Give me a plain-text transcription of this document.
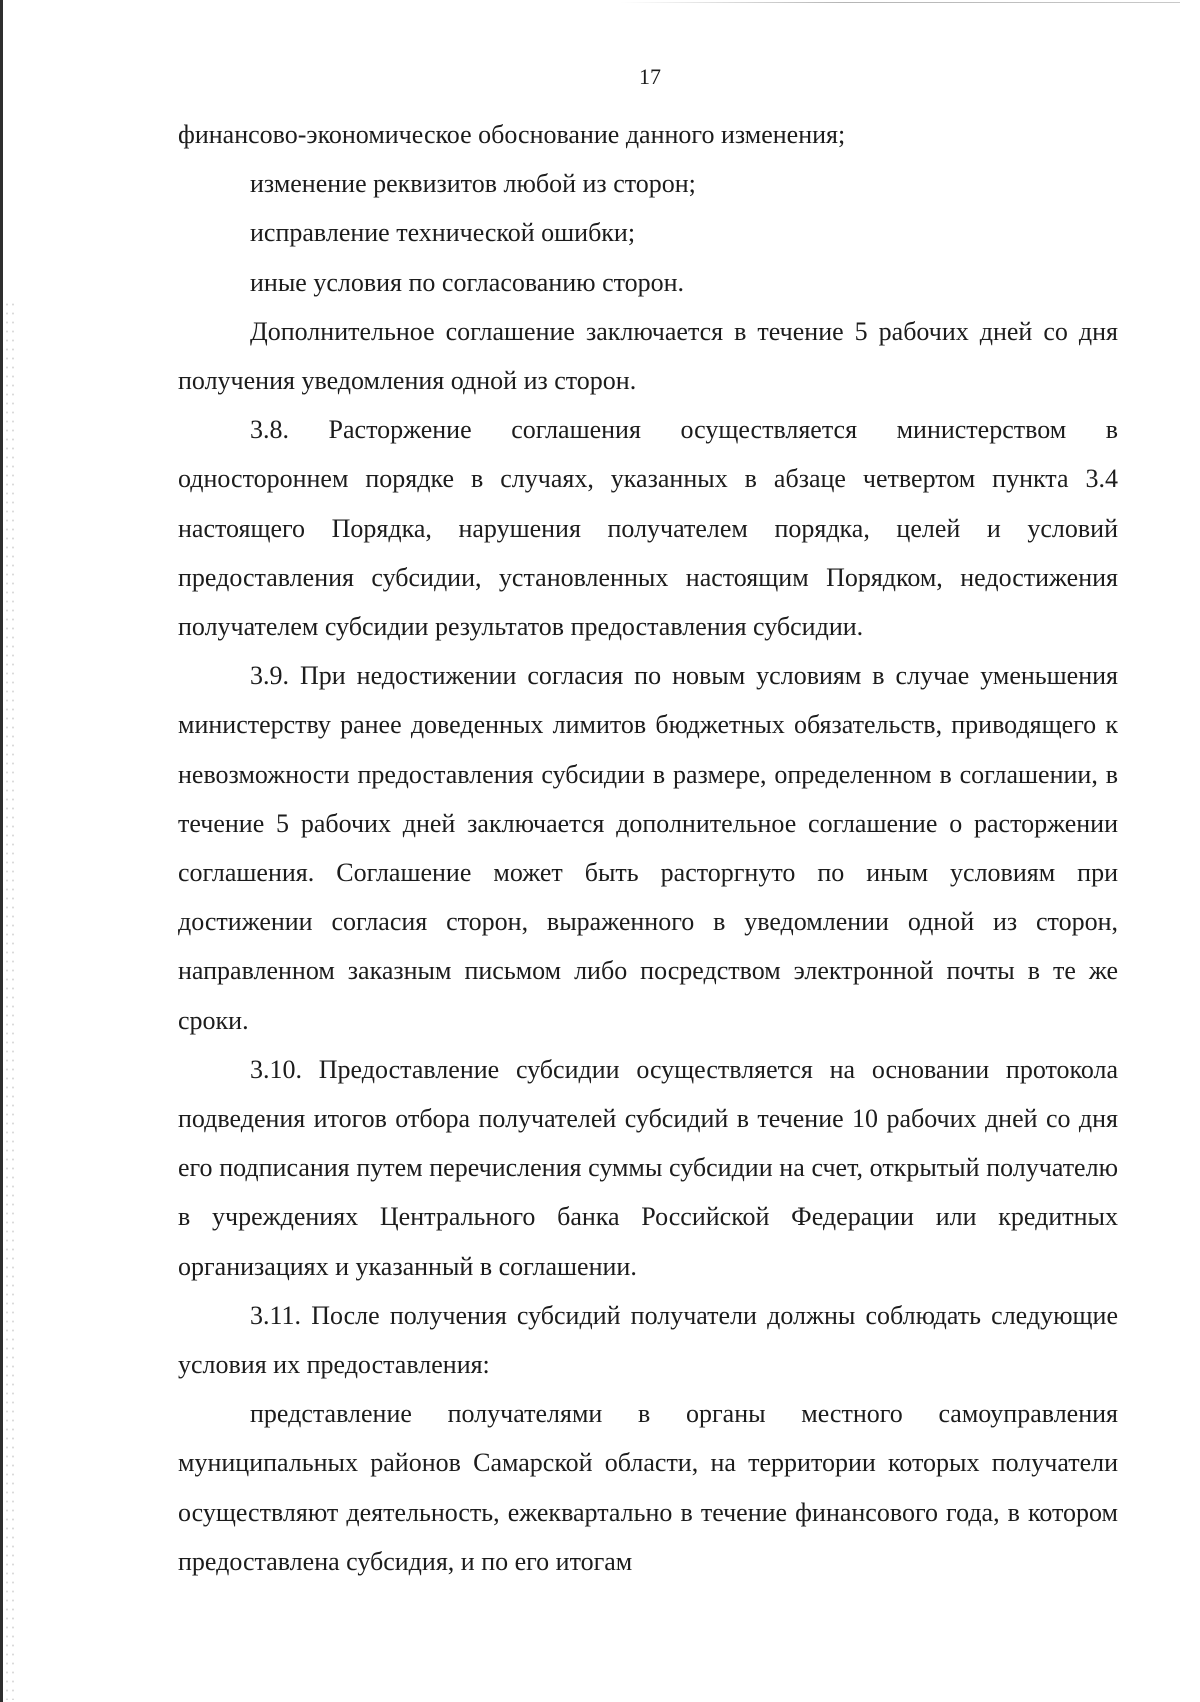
17

финансово-экономическое обоснование данного изменения;

изменение реквизитов любой из сторон;

исправление технической ошибки;

иные условия по согласованию сторон.

Дополнительное соглашение заключается в течение 5 рабочих дней со дня получения уведомления одной из сторон.

3.8. Расторжение соглашения осуществляется министерством в одностороннем порядке в случаях, указанных в абзаце четвертом пункта 3.4 настоящего Порядка, нарушения получателем порядка, целей и условий предоставления субсидии, установленных настоящим Порядком, недостижения получателем субсидии результатов предоставления субсидии.

3.9. При недостижении согласия по новым условиям в случае уменьшения министерству ранее доведенных лимитов бюджетных обязательств, приводящего к невозможности предоставления субсидии в размере, определенном в соглашении, в течение 5 рабочих дней заключается дополнительное соглашение о расторжении соглашения. Соглашение может быть расторгнуто по иным условиям при достижении согласия сторон, выраженного в уведомлении одной из сторон, направленном заказным письмом либо посредством электронной почты в те же сроки.

3.10. Предоставление субсидии осуществляется на основании протокола подведения итогов отбора получателей субсидий в течение 10 рабочих дней со дня его подписания путем перечисления суммы субсидии на счет, открытый получателю в учреждениях Центрального банка Российской Федерации или кредитных организациях и указанный в соглашении.

3.11. После получения субсидий получатели должны соблюдать следующие условия их предоставления:

представление получателями в органы местного самоуправления муниципальных районов Самарской области, на территории которых получатели осуществляют деятельность, ежеквартально в течение финансового года, в котором предоставлена субсидия, и по его итогам
